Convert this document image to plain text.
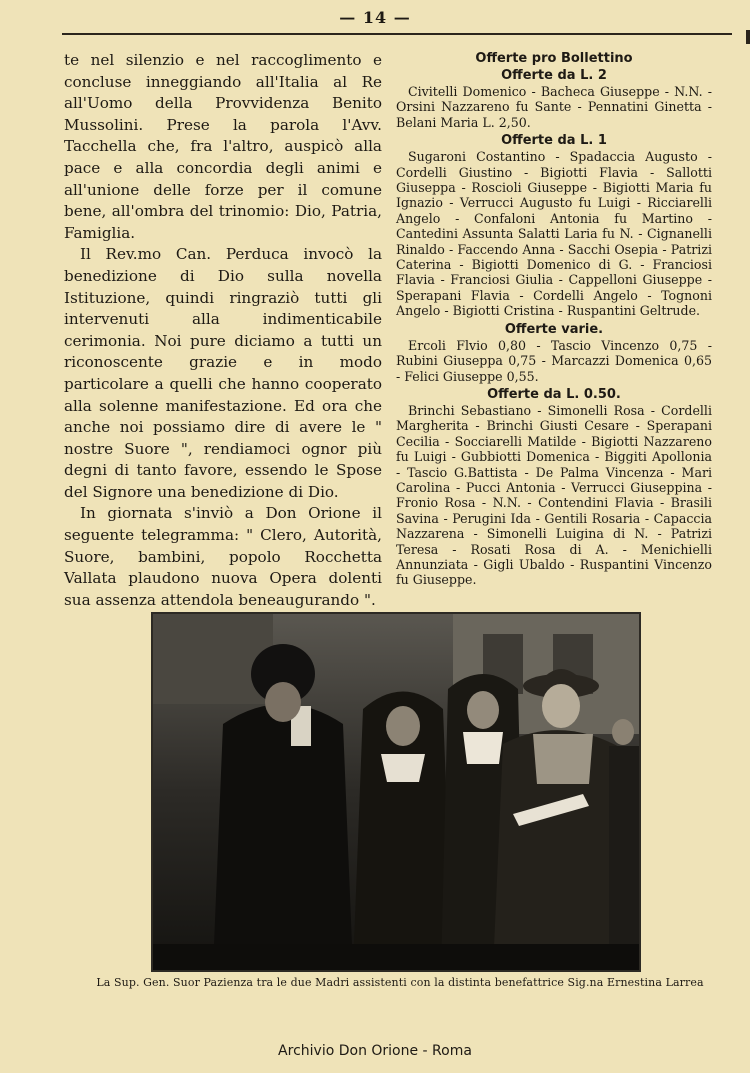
— 14 —

te nel silenzio e nel raccoglimento e conclusе inneggiando all'Italia al Re all'Uomo della Provvidenza Benito Mussolini. Prese la parola l'Avv. Tacchella che, fra l'altro, auspicò alla pace e alla concordia degli animi e all'unione delle forze per il comune bene, all'ombra del trinomio: Dio, Patria, Famiglia.

Il Rev.mo Can. Perduca invocò la benedizione di Dio sulla novella Istituzione, quindi ringraziò tutti gli intervenuti alla indimenticabile cerimonia. Noi pure diciamo a tutti un riconoscente grazie e in modo particolare a quelli che hanno cooperato alla solenne manifestazione. Ed ora che anche noi possiamo dire di avere le " nostre Suore ", rendiamoci ognor più degni di tanto favore, essendo le Spose del Signore una benedizione di Dio.

In giornata s'inviò a Don Orione il seguente telegramma: " Clero, Autorità, Suore, bambini, popolo Rocchetta Vallata plaudono nuova Opera dolenti sua assenza attendola beneaugurando ".

Offerte pro Bollettino
Offerte da L. 2

Civitelli Domenico - Bacheca Giuseppe - N.N. - Orsini Nazzareno fu Sante - Pennatini Ginetta - Belani Maria L. 2,50.

Offerte da L. 1

Sugaroni Costantino - Spadaccia Augusto - Cordelli Giustino - Bigiotti Flavia - Sallotti Giuseppa - Roscioli Giuseppe - Bigiotti Maria fu Ignazio - Verrucci Augusto fu Luigi - Ricciarelli Angelo - Confaloni Antonia fu Martino - Cantedini Assunta Salatti Laria fu N. - Cignanelli Rinaldo - Faccendo Anna - Sacchi Osepia - Patrizi Caterina - Bigiotti Domenico di G. - Franciosi Flavia - Franciosi Giulia - Cappelloni Giuseppe - Sperapani Flavia - Cordelli Angelo - Tognoni Angelo - Bigiotti Cristina - Ruspantini Geltrude.

Offerte varie.

Ercoli Flvio 0,80 - Tascio Vincenzo 0,75 - Rubini Giuseppa 0,75 - Marcazzi Domenica 0,65 - Felici Giuseppe 0,55.

Offerte da L. 0.50.

Brinchi Sebastiano - Simonelli Rosa - Cordelli Margherita - Brinchi Giusti Cesare - Sperapani Cecilia - Socciarelli Matilde - Bigiotti Nazzareno fu Luigi - Gubbiotti Domenica - Biggiti Apollonia - Tascio G.Battista - De Palma Vincenza - Mari Carolina - Pucci Antonia - Verrucci Giuseppina - Fronio Rosa - N.N. - Contendini Flavia - Brasili Savina - Perugini Ida - Gentili Rosaria - Capaccia Nazzarena - Simonelli Luigina di N. - Patrizi Teresa - Rosati Rosa di A. - Menichielli Annunziata - Gigli Ubaldo - Ruspantini Vincenzo fu Giuseppe.

La Sup. Gen. Suor Pazienza tra le due Madri assistenti con la distinta benefattrice Sig.na Ernestina Larrea
Archivio Don Orione - Roma
